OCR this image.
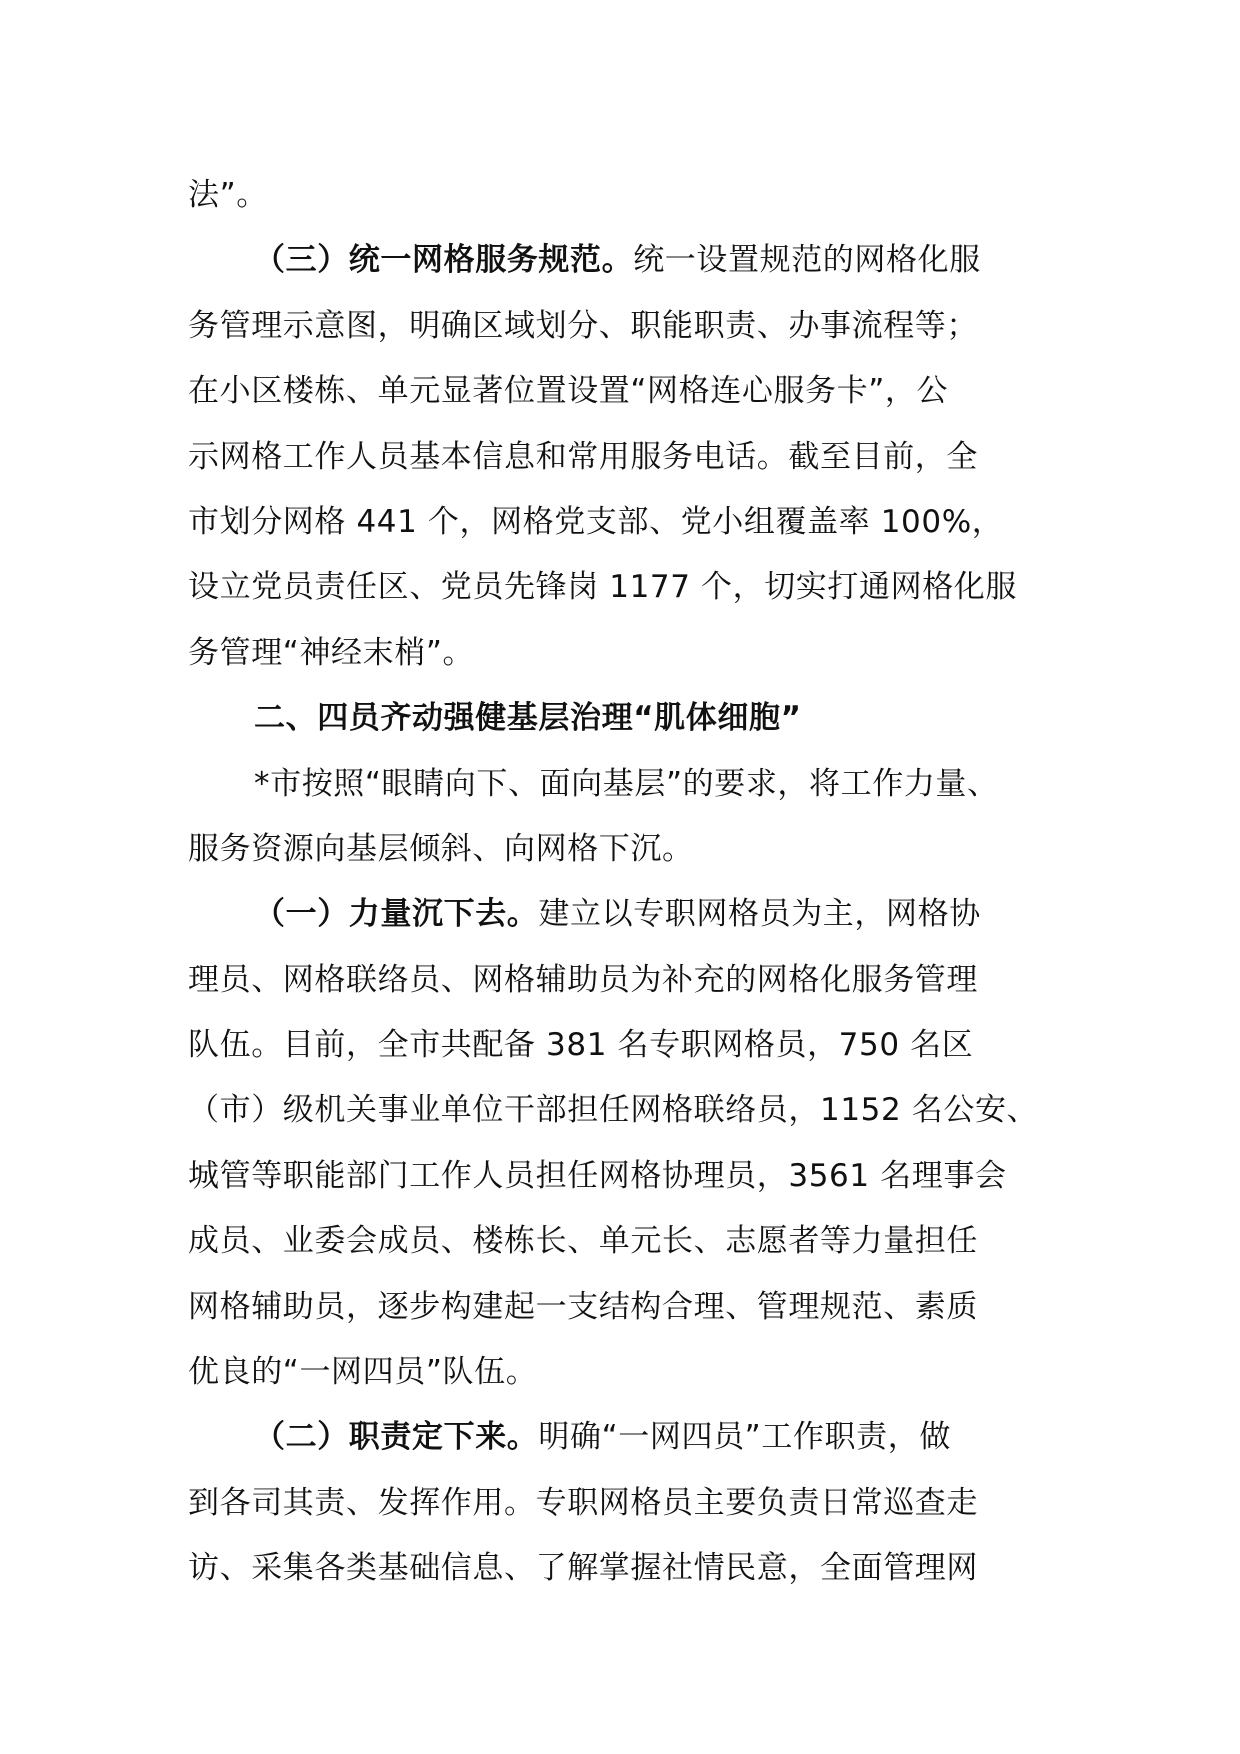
法”。
（三）统一网格服务规范。统一设置规范的网格化服
务管理示意图，明确区域划分、职能职责、办事流程等；
在小区楼栋、单元显著位置设置“网格连心服务卡”，公
示网格工作人员基本信息和常用服务电话。截至目前，全
市划分网格 441 个，网格党支部、党小组覆盖率 100%，
设立党员责任区、党员先锋岗 1177 个，切实打通网格化服
务管理“神经末梢”。
二、四员齐动强健基层治理“肌体细胞”
*市按照“眼睛向下、面向基层”的要求，将工作力量、
服务资源向基层倾斜、向网格下沉。
（一）力量沉下去。建立以专职网格员为主，网格协
理员、网格联络员、网格辅助员为补充的网格化服务管理
队伍。目前，全市共配备 381 名专职网格员，750 名区
（市）级机关事业单位干部担任网格联络员，1152 名公安、
城管等职能部门工作人员担任网格协理员，3561 名理事会
成员、业委会成员、楼栋长、单元长、志愿者等力量担任
网格辅助员，逐步构建起一支结构合理、管理规范、素质
优良的“一网四员”队伍。
（二）职责定下来。明确“一网四员”工作职责，做
到各司其责、发挥作用。专职网格员主要负责日常巡查走
访、采集各类基础信息、了解掌握社情民意，全面管理网
